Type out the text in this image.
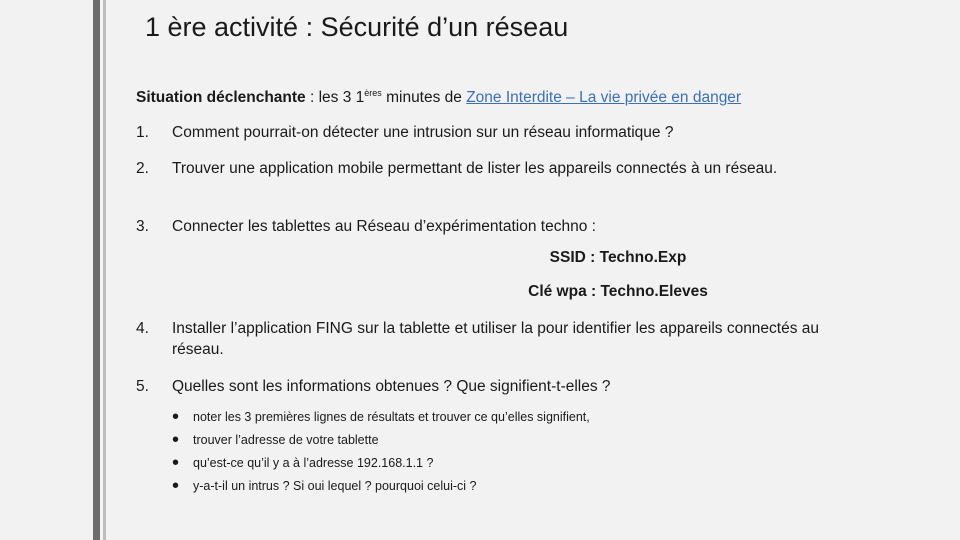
1 ère activité : Sécurité d’un réseau
Situation déclenchante : les 3 1ères minutes de Zone Interdite – La vie privée en danger
1. Comment pourrait-on détecter une intrusion sur un réseau informatique ?
2. Trouver une application mobile permettant de lister les appareils connectés à un réseau.
3. Connecter les tablettes au Réseau d’expérimentation techno :
SSID : Techno.Exp
Clé wpa : Techno.Eleves
4. Installer l’application FING sur la tablette et utiliser la pour identifier les appareils connectés au réseau.
5. Quelles sont les informations obtenues ? Que signifient-t-elles ?
• noter les 3 premières lignes de résultats et trouver ce qu’elles signifient,
• trouver l’adresse de votre tablette
• qu’est-ce qu’il y a à l’adresse 192.168.1.1 ?
• y-a-t-il un intrus ? Si oui lequel ? pourquoi celui-ci ?
